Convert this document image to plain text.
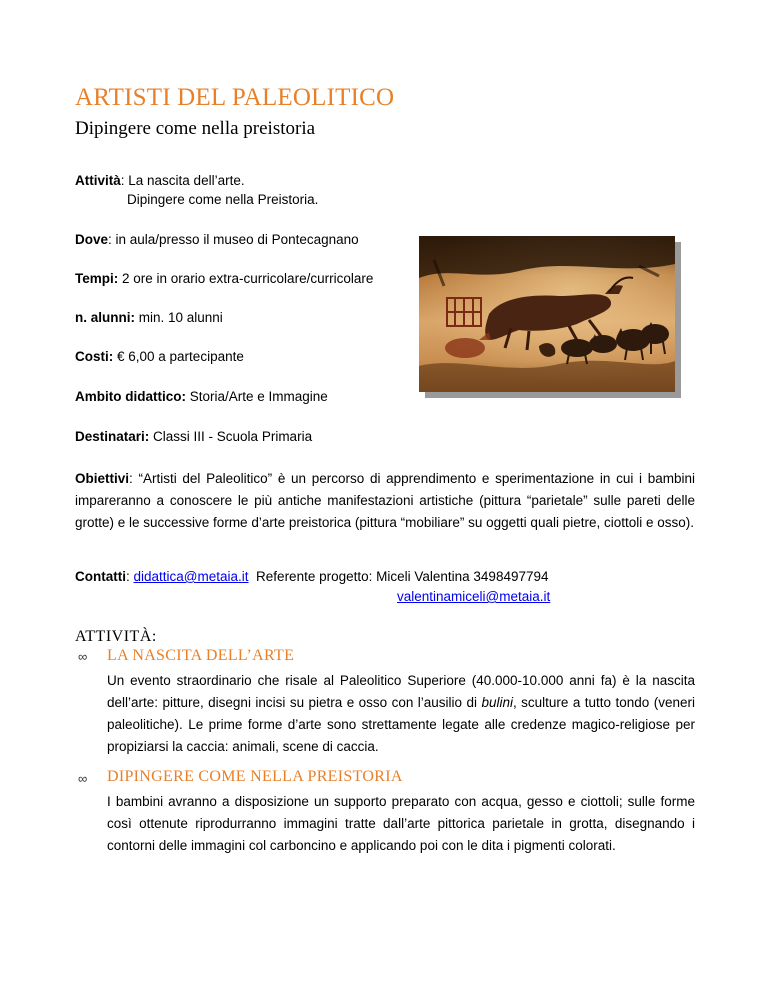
ARTISTI DEL PALEOLITICO
Dipingere come nella preistoria
Attività: La nascita dell’arte.
Dipingere come nella Preistoria.
Dove: in aula/presso il museo di Pontecagnano
Tempi: 2 ore in orario extra-curricolare/curricolare
n. alunni: min. 10 alunni
Costi: € 6,00 a partecipante
Ambito didattico: Storia/Arte e Immagine
Destinatari: Classi III - Scuola Primaria
Obiettivi: “Artisti del Paleolitico” è un percorso di apprendimento e sperimentazione in cui i bambini impareranno a conoscere le più antiche manifestazioni artistiche (pittura “parietale” sulle pareti delle grotte) e le successive forme d’arte preistorica (pittura “mobiliare” su oggetti quali pietre, ciottoli e osso).
Contatti: didattica@metaia.it Referente progetto: Miceli Valentina 3498497794
valentinamiceli@metaia.it
ATTIVITÀ:
∞ LA NASCITA DELL’ARTE
Un evento straordinario che risale al Paleolitico Superiore (40.000-10.000 anni fa) è la nascita dell’arte: pitture, disegni incisi su pietra e osso con l’ausilio di bulini, sculture a tutto tondo (veneri paleolitiche). Le prime forme d’arte sono strettamente legate alle credenze magico-religiose per propiziarsi la caccia: animali, scene di caccia.
∞ DIPINGERE COME NELLA PREISTORIA
I bambini avranno a disposizione un supporto preparato con acqua, gesso e ciottoli; sulle forme così ottenute riprodurranno immagini tratte dall’arte pittorica parietale in grotta, disegnando i contorni delle immagini col carboncino e applicando poi con le dita i pigmenti colorati.
